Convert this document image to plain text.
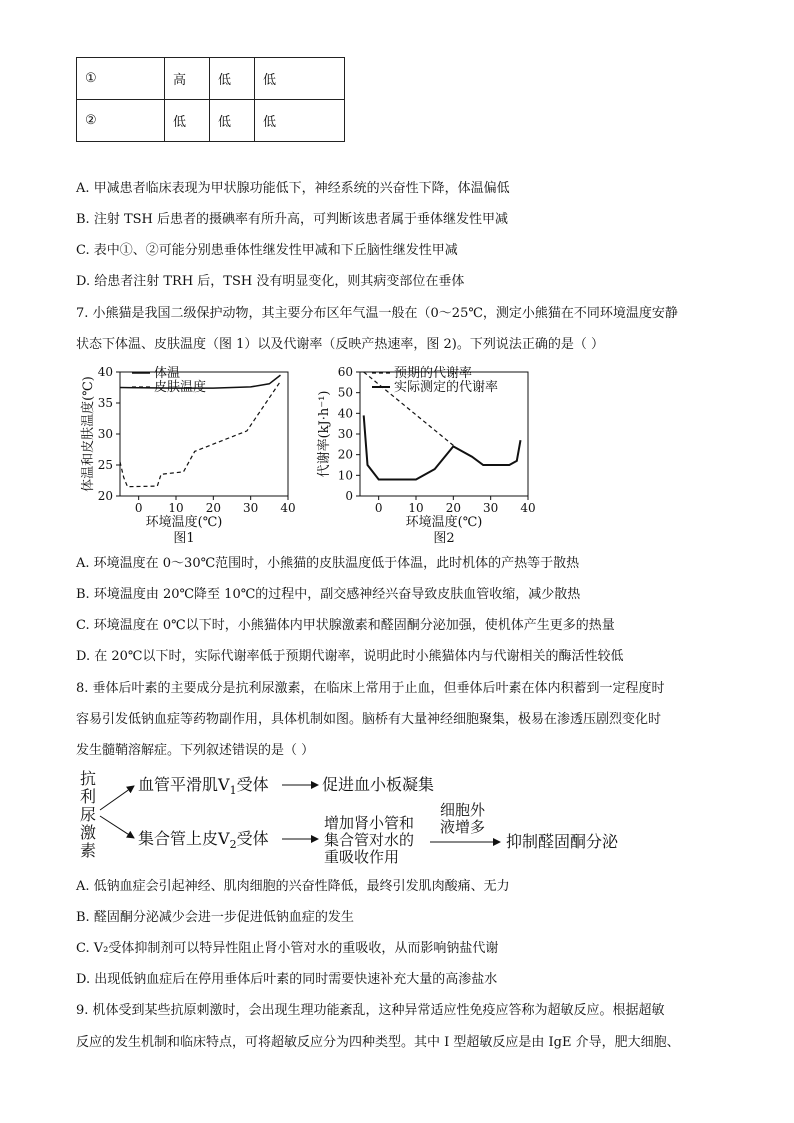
①	高	低	低
②	低	低	低
A. 甲减患者临床表现为甲状腺功能低下，神经系统的兴奋性下降，体温偏低
B. 注射 TSH 后患者的摄碘率有所升高，可判断该患者属于垂体继发性甲减
C. 表中①、②可能分别患垂体性继发性甲减和下丘脑性继发性甲减
D. 给患者注射 TRH 后，TSH 没有明显变化，则其病变部位在垂体
7. 小熊猫是我国二级保护动物，其主要分布区年气温一般在（0～25℃，测定小熊猫在不同环境温度安静
状态下体温、皮肤温度（图 1）以及代谢率（反映产热速率，图 2)。下列说法正确的是（ ）
20
25
30
35
40
0 10 20 30 40
体温
皮肤温度
体温和皮肤温度(℃)
环境温度(℃)
图1
0
10
20
30
40
50
60
0 10 20 30 40
预期的代谢率
实际测定的代谢率
代谢率(kJ·h⁻¹)
环境温度(℃)
图2
A. 环境温度在 0～30℃范围时，小熊猫的皮肤温度低于体温，此时机体的产热等于散热
B. 环境温度由 20℃降至 10℃的过程中，副交感神经兴奋导致皮肤血管收缩，减少散热
C. 环境温度在 0℃以下时，小熊猫体内甲状腺激素和醛固酮分泌加强，使机体产生更多的热量
D. 在 20℃以下时，实际代谢率低于预期代谢率，说明此时小熊猫体内与代谢相关的酶活性较低
8. 垂体后叶素的主要成分是抗利尿激素，在临床上常用于止血，但垂体后叶素在体内积蓄到一定程度时
容易引发低钠血症等药物副作用，具体机制如图。脑桥有大量神经细胞聚集，极易在渗透压剧烈变化时
发生髓鞘溶解症。下列叙述错误的是（ ）
抗
利
尿
激
素
血管平滑肌$V_1$受体	促进血小板凝集
集合管上皮$V_2$受体
增加肾小管和
集合管对水的
重吸收作用
细胞外
液增多
抑制醛固酮分泌
A. 低钠血症会引起神经、肌肉细胞的兴奋性降低，最终引发肌肉酸痛、无力
B. 醛固酮分泌减少会进一步促进低钠血症的发生
C. V₂受体抑制剂可以特异性阻止肾小管对水的重吸收，从而影响钠盐代谢
D. 出现低钠血症后在停用垂体后叶素的同时需要快速补充大量的高渗盐水
9. 机体受到某些抗原刺激时，会出现生理功能紊乱，这种异常适应性免疫应答称为超敏反应。根据超敏
反应的发生机制和临床特点，可将超敏反应分为四种类型。其中 I 型超敏反应是由 IgE 介导，肥大细胞、
